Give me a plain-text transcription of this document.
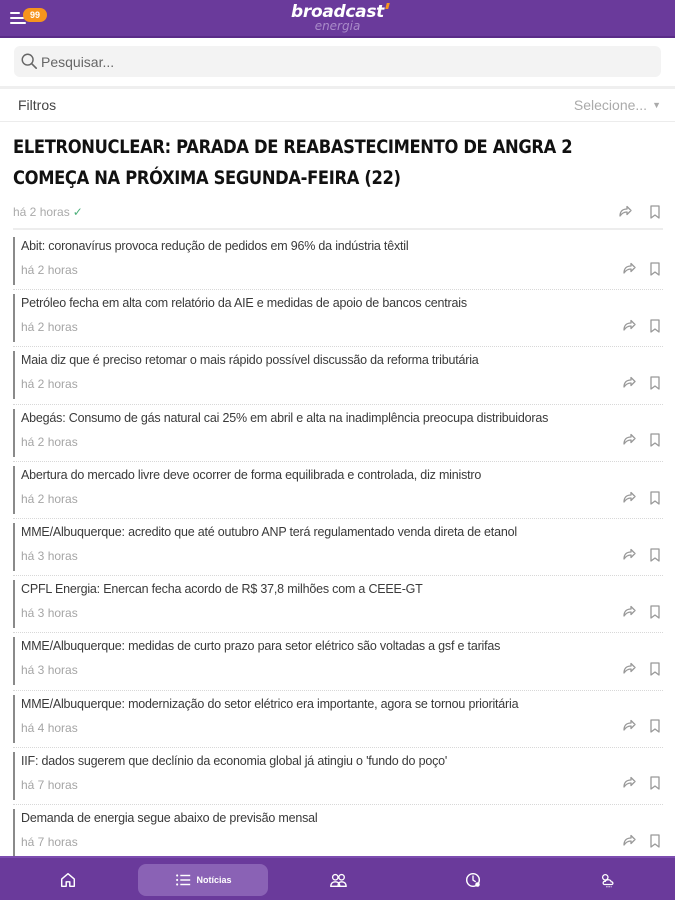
99	broadcast
energia
Pesquisar...
Filtros	Selecione... ▼
ELETRONUCLEAR: PARADA DE REABASTECIMENTO DE ANGRA 2 COMEÇA NA PRÓXIMA SEGUNDA-FEIRA (22)
há 2 horas ✓

Abit: coronavírus provoca redução de pedidos em 96% da indústria têxtil
há 2 horas
Petróleo fecha em alta com relatório da AIE e medidas de apoio de bancos centrais
há 2 horas
Maia diz que é preciso retomar o mais rápido possível discussão da reforma tributária
há 2 horas
Abegás: Consumo de gás natural cai 25% em abril e alta na inadimplência preocupa distribuidoras
há 2 horas
Abertura do mercado livre deve ocorrer de forma equilibrada e controlada, diz ministro
há 2 horas
MME/Albuquerque: acredito que até outubro ANP terá regulamentado venda direta de etanol
há 3 horas
CPFL Energia: Enercan fecha acordo de R$ 37,8 milhões com a CEEE-GT
há 3 horas
MME/Albuquerque: medidas de curto prazo para setor elétrico são voltadas a gsf e tarifas
há 3 horas
MME/Albuquerque: modernização do setor elétrico era importante, agora se tornou prioritária
há 4 horas
IIF: dados sugerem que declínio da economia global já atingiu o 'fundo do poço'
há 7 horas
Demanda de energia segue abaixo de previsão mensal
há 7 horas
Notícias
